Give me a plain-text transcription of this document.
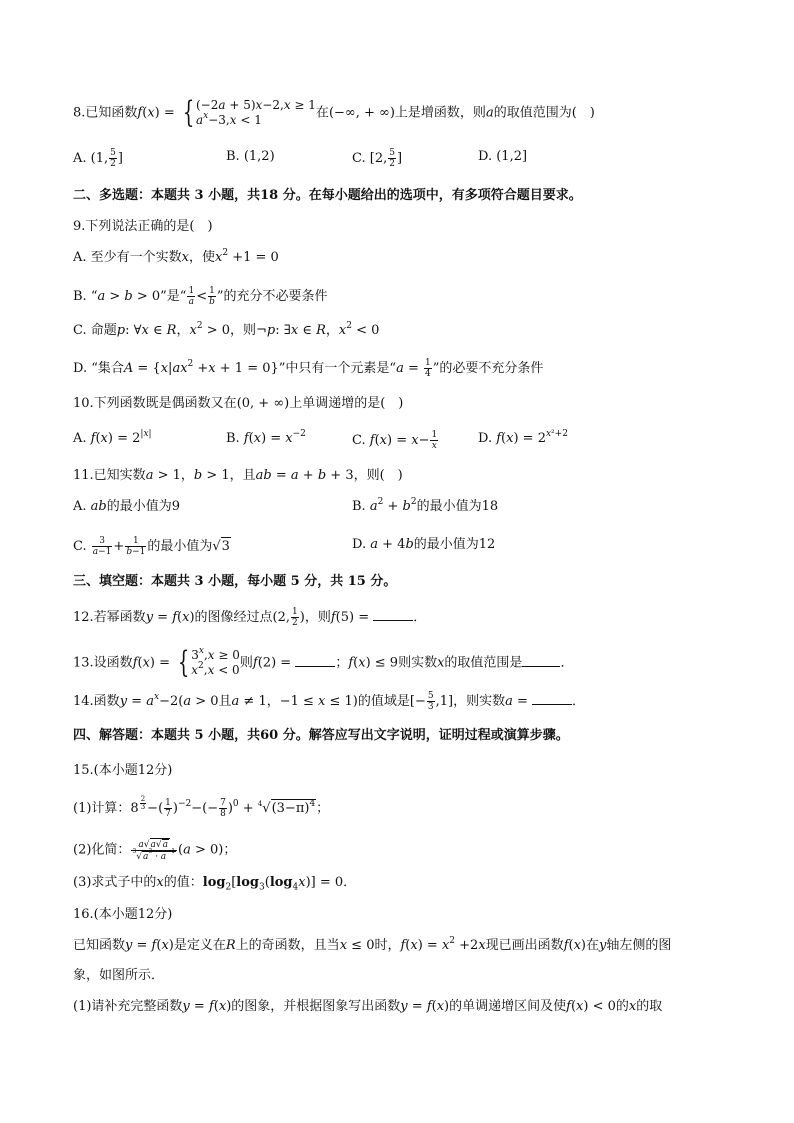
8.已知函数f(x) = { (−2a + 5)x−2,x ≥ 1
$a^x-3,x < 1$	在(−∞, + ∞)上是增函数，则a的取值范围为(　)
A. (1, $\frac{5}{2}$ ]	B. (1,2)	C. [2, $\frac{5}{2}$ ]	D. (1,2]
二、多选题：本题共 3 小题，共18 分。在每小题给出的选项中，有多项符合题目要求。
9.下列说法正确的是(　)
A. 至少有一个实数x，使$x^2 +1 = 0$
B. “a > b > 0”是“ $\frac{1}{a} < \frac{1}{b}$ ”的充分不必要条件
C. 命题p: ∀x ∈ R，$x^2 > 0$，则¬p: ∃x ∈ R，$x^2 < 0$
D. “集合$A = \{x|ax^2 +x + 1 = 0\}$”中只有一个元素是“$a = \frac{1}{4}$ ”的必要不充分条件
10.下列函数既是偶函数又在(0, + ∞)上单调递增的是(　)
A. $f(x) = 2^{|x|}$	B. $f(x) = x^{-2}$	C. $f(x) = x- \frac{1}{x}$	D. $f(x) = 2^{x^2+2}$
11.已知实数a > 1，b > 1，且ab = a + b + 3，则(　)
A. ab的最小值为9	B. $a^2 + b^2$的最小值为18
C. $\frac{3}{a-1} + \frac{1}{b-1}$ 的最小值为√3	D. a + 4b的最小值为12
三、填空题：本题共 3 小题，每小题 5 分，共 15 分。
12.若幂函数y = f(x)的图像经过点(2, $\frac{1}{2}$ )，则f(5) =	．
13.设函数f(x) = { $3^x,x \ge 0$
$x^2,x < 0$ 则f(2) =	；f(x) ≤ 9则实数x的取值范围是	．
14.函数$y = a^x-2(a > 0$且a ≠ 1，−1 ≤ x ≤ 1)的值域是[− $\frac{5}{3} ,1$]，则实数a =	．
四、解答题：本题共 5 小题，共60 分。解答应写出文字说明，证明过程或演算步骤。
15.(本小题12分)
(1)计算：8 $^{\frac{2}{3}}$ −( $\frac{1}{7} )^{-2}-(- \frac{7}{8} )^0 + ^4√(3-\pi)^4$；
(2)化简： $\frac{a√a√a}{^3√a^3 \cdot a^{-1}} (a > 0)$；
(3)求式子中的x的值：$\log_2[\log_3(\log_4x)] = 0$．
16.(本小题12分)
已知函数y = f(x)是定义在R上的奇函数，且当x ≤ 0时，$f(x) = x^2 +2x$现已画出函数f(x)在y轴左侧的图
象，如图所示．
(1)请补充完整函数y = f(x)的图象，并根据图象写出函数y = f(x)的单调递增区间及使f(x) < 0的x的取
